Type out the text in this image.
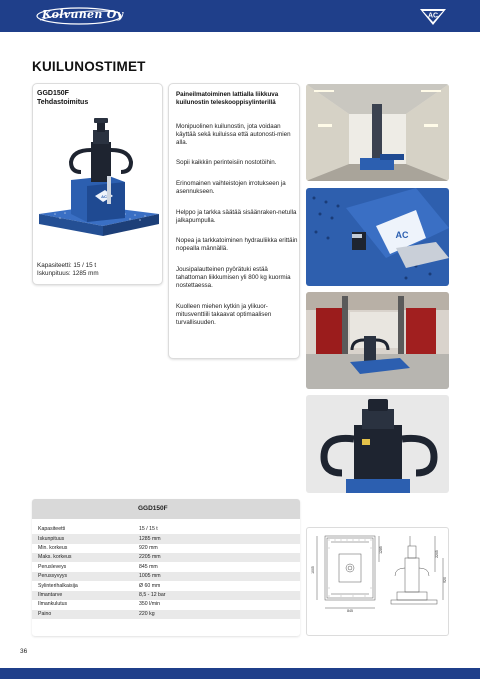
Kolvunen Oy	AC
KUILUNOSTIMET
GGD150F
Tehdastoimitus
AC
Kapasiteetti: 15 / 15 t
Iskunpituus: 1285 mm
Paineilmatoiminen lattialla liikkuva kuilunostin teleskooppisylinterillä
Monipuolinen kuilunostin, jota voidaan käyttää sekä kuiluissa että autonosti-mien alla.
Sopii kaikkiin perinteisiin nostotöihin.
Erinomainen vaihteistojen irrotukseen ja asennukseen.
Helppo ja tarkka säätää sisäänraken-netulla jalkapumpulla.
Nopea ja tarkkatoiminen hydrauliikka erittäin nopealla männällä.
Jousipalautteinen pyörätuki estää tahattoman liikkumisen yli 800 kg kuormia nostettaessa.
Kuolleen miehen kytkin ja ylikuor-mitusventtiili takaavat optimaalisen turvallisuuden.
AC
GGD150F
Kapasiteetti	15 / 15 t
Iskunpituus	1285 mm
Min. korkeus	920 mm
Maks. korkeus	2205 mm
Perusleveys	845 mm
Perussyvyys	1005 mm
Sylinterihalkaisija	Ø 60 mm
Ilmantarve	8,5 - 12 bar
Ilmankulutus	350 l/min
Paino	220 kg
1005
845
1285
2205
920
36
